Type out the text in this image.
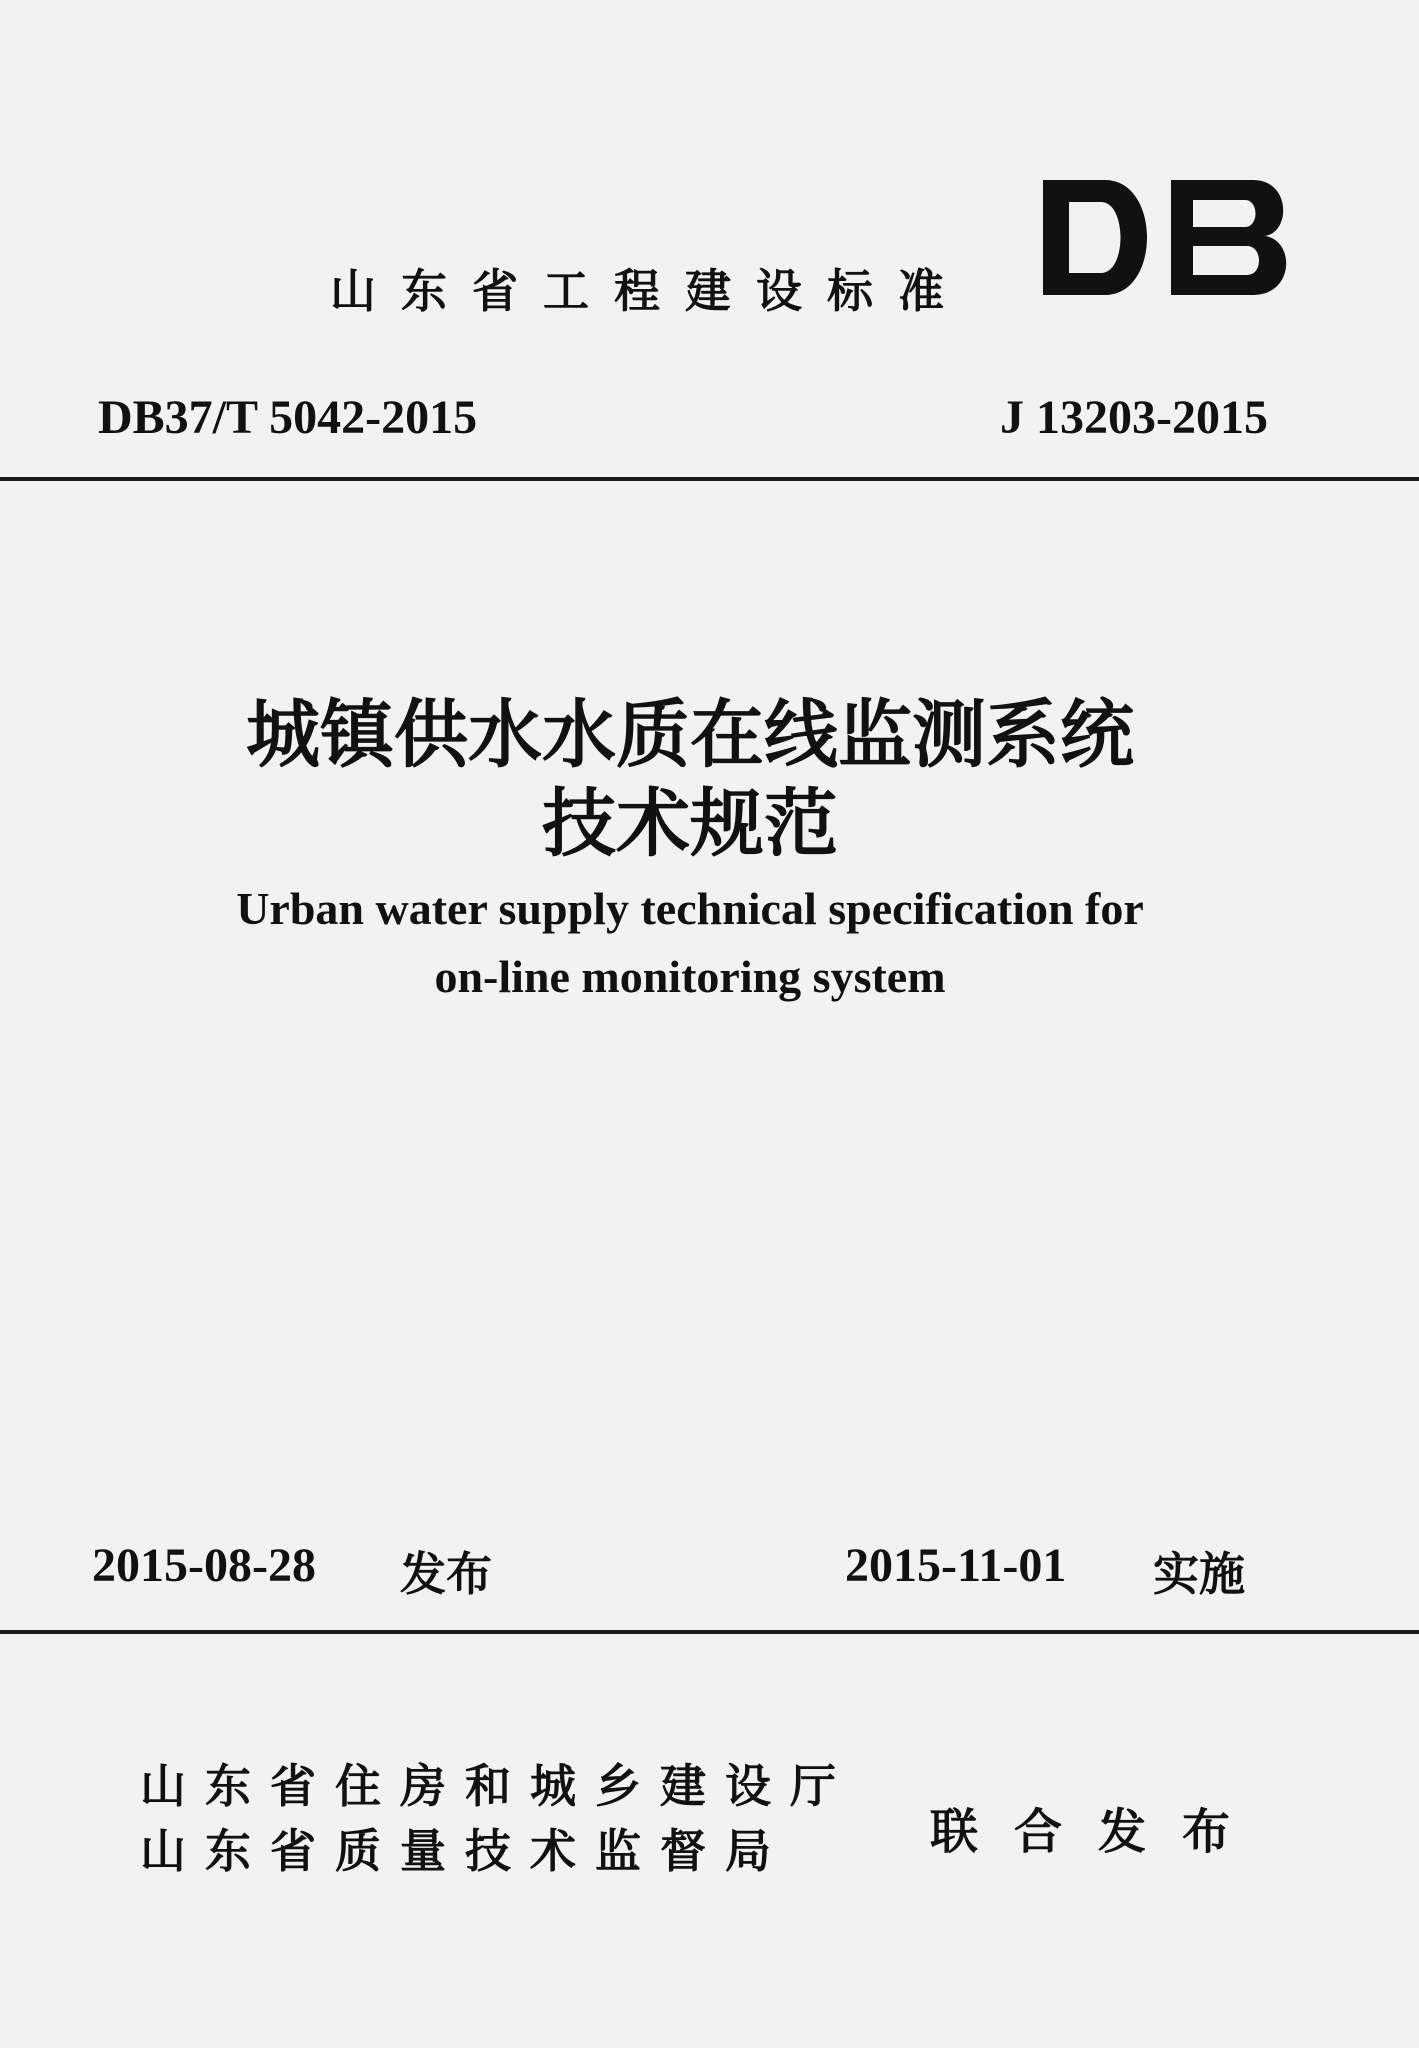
山东省工程建设标准
DB37/T 5042-2015	J 13203-2015
城镇供水水质在线监测系统
技术规范
Urban water supply technical specification for
on-line monitoring system
2015-08-28 发布	2015-11-01 实施
山东省住房和城乡建设厅
山东省质量技术监督局	联合发布
